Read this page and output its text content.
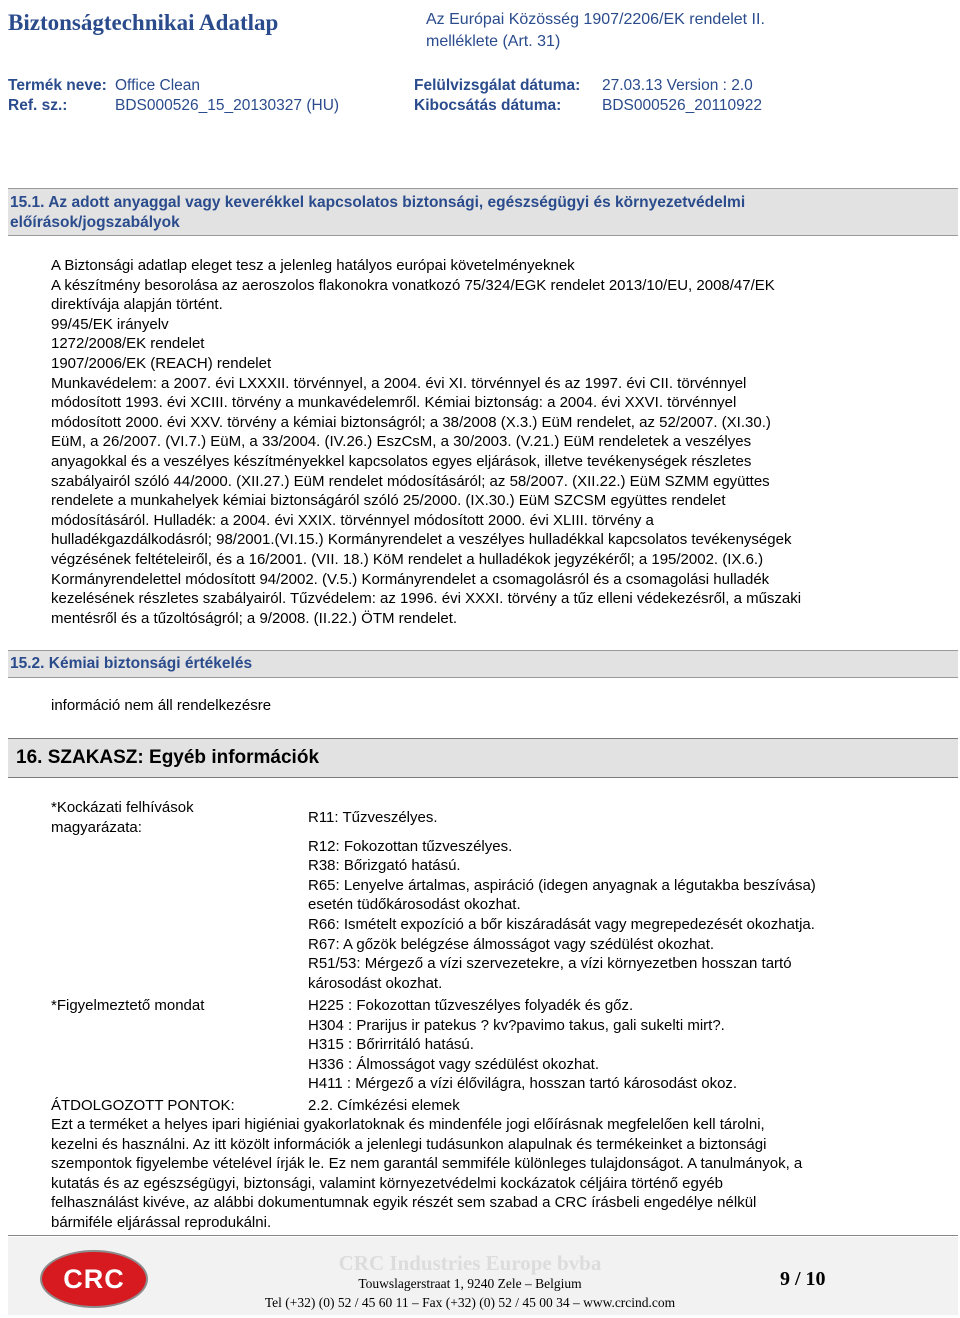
Biztonságtechnikai Adatlap	Az Európai Közösség 1907/2206/EK rendelet II.
melléklete (Art. 31)
Termék neve: Office Clean	Felülvizsgálat dátuma: 27.03.13 Version : 2.0
Ref. sz.:	BDS000526_15_20130327 (HU)	Kibocsátás dátuma:	BDS000526_20110922
15.1. Az adott anyaggal vagy keverékkel kapcsolatos biztonsági, egészségügyi és környezetvédelmi
előírások/jogszabályok
A Biztonsági adatlap eleget tesz a jelenleg hatályos európai követelményeknek
A készítmény besorolása az aeroszolos flakonokra vonatkozó 75/324/EGK rendelet 2013/10/EU, 2008/47/EK
direktívája alapján történt.
99/45/EK irányelv
1272/2008/EK rendelet
1907/2006/EK (REACH) rendelet
Munkavédelem: a 2007. évi LXXXII. törvénnyel, a 2004. évi XI. törvénnyel és az 1997. évi CII. törvénnyel
módosított 1993. évi XCIII. törvény a munkavédelemről. Kémiai biztonság: a 2004. évi XXVI. törvénnyel
módosított 2000. évi XXV. törvény a kémiai biztonságról; a 38/2008 (X.3.) EüM rendelet, az 52/2007. (XI.30.)
EüM, a 26/2007. (VI.7.) EüM, a 33/2004. (IV.26.) EszCsM, a 30/2003. (V.21.) EüM rendeletek a veszélyes
anyagokkal és a veszélyes készítményekkel kapcsolatos egyes eljárások, illetve tevékenységek részletes
szabályairól szóló 44/2000. (XII.27.) EüM rendelet módosításáról; az 58/2007. (XII.22.) EüM SZMM együttes
rendelete a munkahelyek kémiai biztonságáról szóló 25/2000. (IX.30.) EüM SZCSM együttes rendelet
módosításáról. Hulladék: a 2004. évi XXIX. törvénnyel módosított 2000. évi XLIII. törvény a
hulladékgazdálkodásról; 98/2001.(VI.15.) Kormányrendelet a veszélyes hulladékkal kapcsolatos tevékenységek
végzésének feltételeiről, és a 16/2001. (VII. 18.) KöM rendelet a hulladékok jegyzékéről; a 195/2002. (IX.6.)
Kormányrendelettel módosított 94/2002. (V.5.) Kormányrendelet a csomagolásról és a csomagolási hulladék
kezelésének részletes szabályairól. Tűzvédelem: az 1996. évi XXXI. törvény a tűz elleni védekezésről, a műszaki
mentésről és a tűzoltóságról; a 9/2008. (II.22.) ÖTM rendelet.
15.2. Kémiai biztonsági értékelés
információ nem áll rendelkezésre
16. SZAKASZ: Egyéb információk
*Kockázati felhívások
magyarázata:
R11: Tűzveszélyes.
R12: Fokozottan tűzveszélyes.
R38: Bőrizgató hatású.
R65: Lenyelve ártalmas, aspiráció (idegen anyagnak a légutakba beszívása)
esetén tüdőkárosodást okozhat.
R66: Ismételt expozíció a bőr kiszáradását vagy megrepedezését okozhatja.
R67: A gőzök belégzése álmosságot vagy szédülést okozhat.
R51/53: Mérgező a vízi szervezetekre, a vízi környezetben hosszan tartó
károsodást okozhat.
*Figyelmeztető mondat	H225 : Fokozottan tűzveszélyes folyadék és gőz.
H304 : Prarijus ir patekus ? kv?pavimo takus, gali sukelti mirt?.
H315 : Bőrirritáló hatású.
H336 : Álmosságot vagy szédülést okozhat.
H411 : Mérgező a vízi élővilágra, hosszan tartó károsodást okoz.
ÁTDOLGOZOTT PONTOK:	2.2. Címkézési elemek
Ezt a terméket a helyes ipari higiéniai gyakorlatoknak és mindenféle jogi előírásnak megfelelően kell tárolni,
kezelni és használni. Az itt közölt információk a jelenlegi tudásunkon alapulnak és termékeinket a biztonsági
szempontok figyelembe vételével írják le. Ez nem garantál semmiféle különleges tulajdonságot. A tanulmányok, a
kutatás és az egészségügyi, biztonsági, valamint környezetvédelmi kockázatok céljáira történő egyéb
felhasználást kivéve, az alábbi dokumentumnak egyik részét sem szabad a CRC írásbeli engedélye nélkül
bármiféle eljárással reprodukálni.
CRC
CRC Industries Europe bvba
Touwslagerstraat 1, 9240 Zele – Belgium
Tel (+32) (0) 52 / 45 60 11 – Fax (+32) (0) 52 / 45 00 34 – www.crcind.com
9 / 10
